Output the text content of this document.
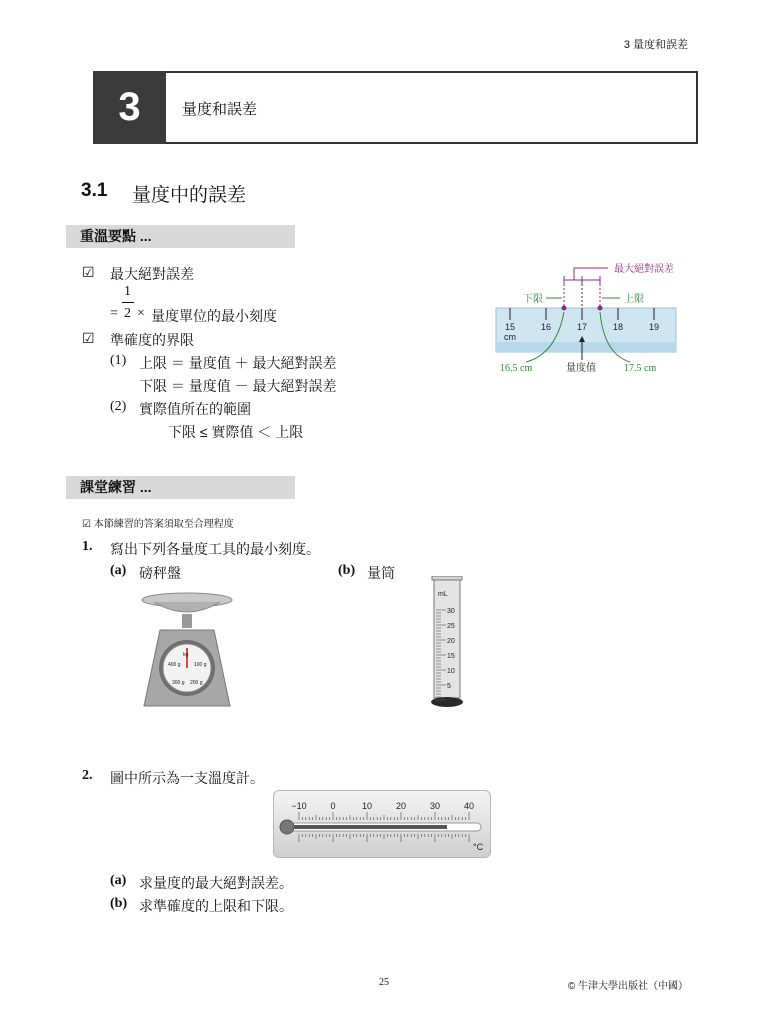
3 量度和誤差
3	量度和誤差
3.1 量度中的誤差
重溫要點 ...
☑ 最大絕對誤差
1
= 2 × 量度單位的最小刻度
☑ 準確度的界限
(1) 上限 ＝ 量度值 ＋ 最大絕對誤差
下限 ＝ 量度值 － 最大絕對誤差
(2) 實際值所在的範圍
下限 ≤ 實際值 ＜ 上限
最大絕對誤差
下限	上限
15	16	17	18	19
cm
16.5 cm	量度值	17.5 cm
課堂練習 ...
☑ 本節練習的答案須取至合理程度
1. 寫出下列各量度工具的最小刻度。
(a) 磅秤盤	(b) 量筒
kg
400 g	100 g
300 g 200 g
mL
30
25
20
15
10
5
2. 圖中所示為一支溫度計。
−10	0	10	20	30	40
°C
(a) 求量度的最大絕對誤差。
(b) 求準確度的上限和下限。
25	© 牛津大學出版社（中國）
